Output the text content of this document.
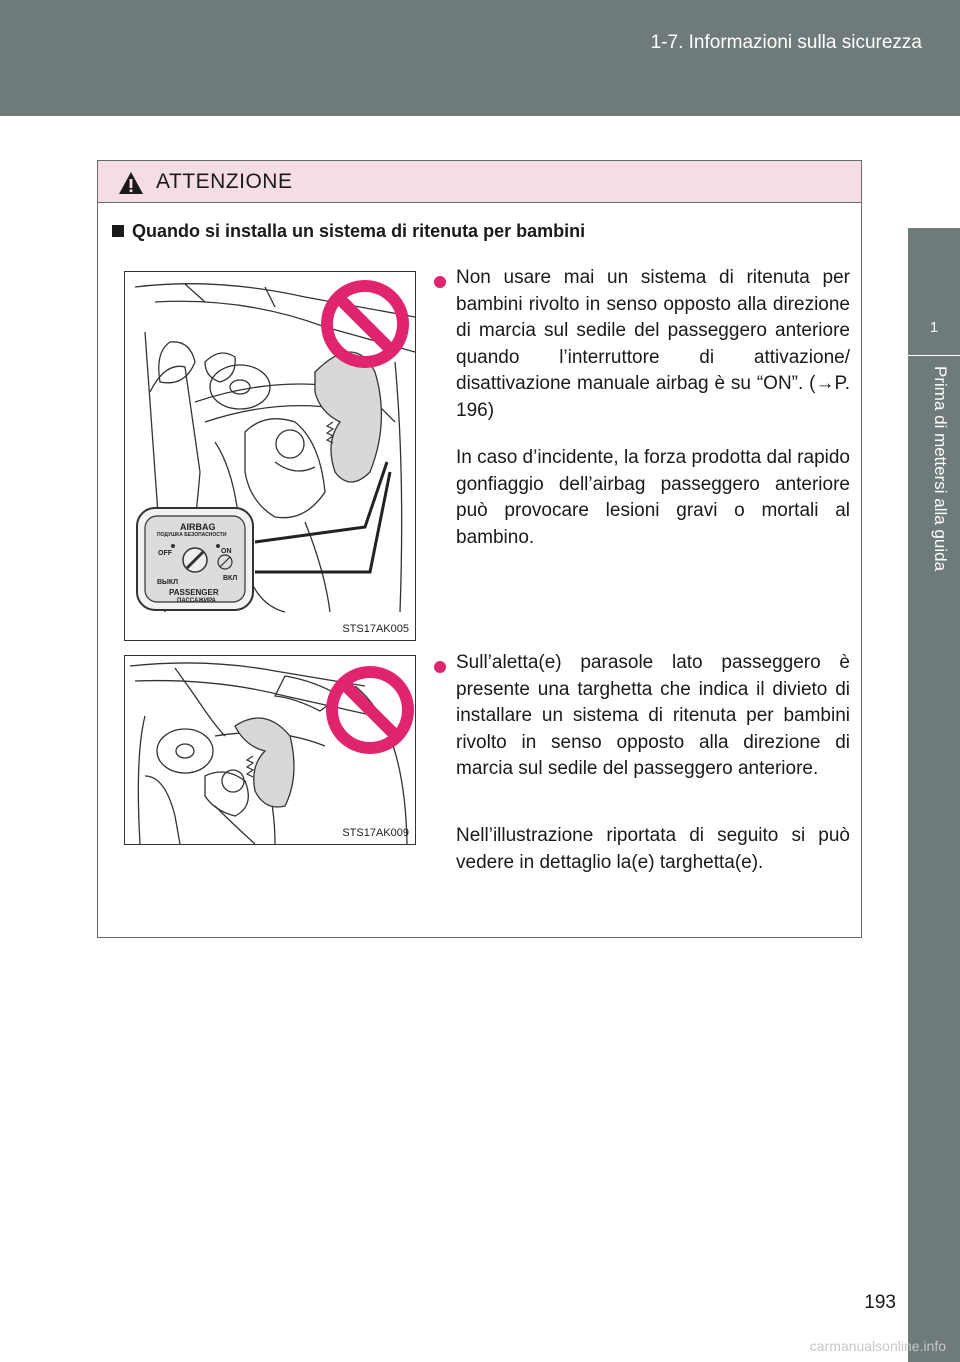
1-7. Informazioni sulla sicurezza
1
Prima di mettersi alla guida
ATTENZIONE
Quando si installa un sistema di ritenuta per bambini
AIRBAG
ПОДУШКА БЕЗОПАСНОСТИ
OFF	ON
ВЫКЛ
ВКЛ
PASSENGER
ПАССАЖИРА
STS17AK005
Non usare mai un sistema di ritenuta per bambini rivolto in senso opposto alla direzione di marcia sul sedile del passeggero anteriore quando l’interruttore di attivazione/ disattivazione manuale airbag è su “ON”. (→P. 196)
In caso d’incidente, la forza prodotta dal rapido gonfiaggio dell’airbag passeggero anteriore può provocare lesioni gravi o mortali al bambino.
STS17AK009
Sull’aletta(e) parasole lato passeggero è presente una targhetta che indica il divieto di installare un sistema di ritenuta per bambini rivolto in senso opposto alla direzione di marcia sul sedile del passeggero anteriore.
Nell’illustrazione riportata di seguito si può vedere in dettaglio la(e) targhetta(e).
193
carmanualsonline.info
